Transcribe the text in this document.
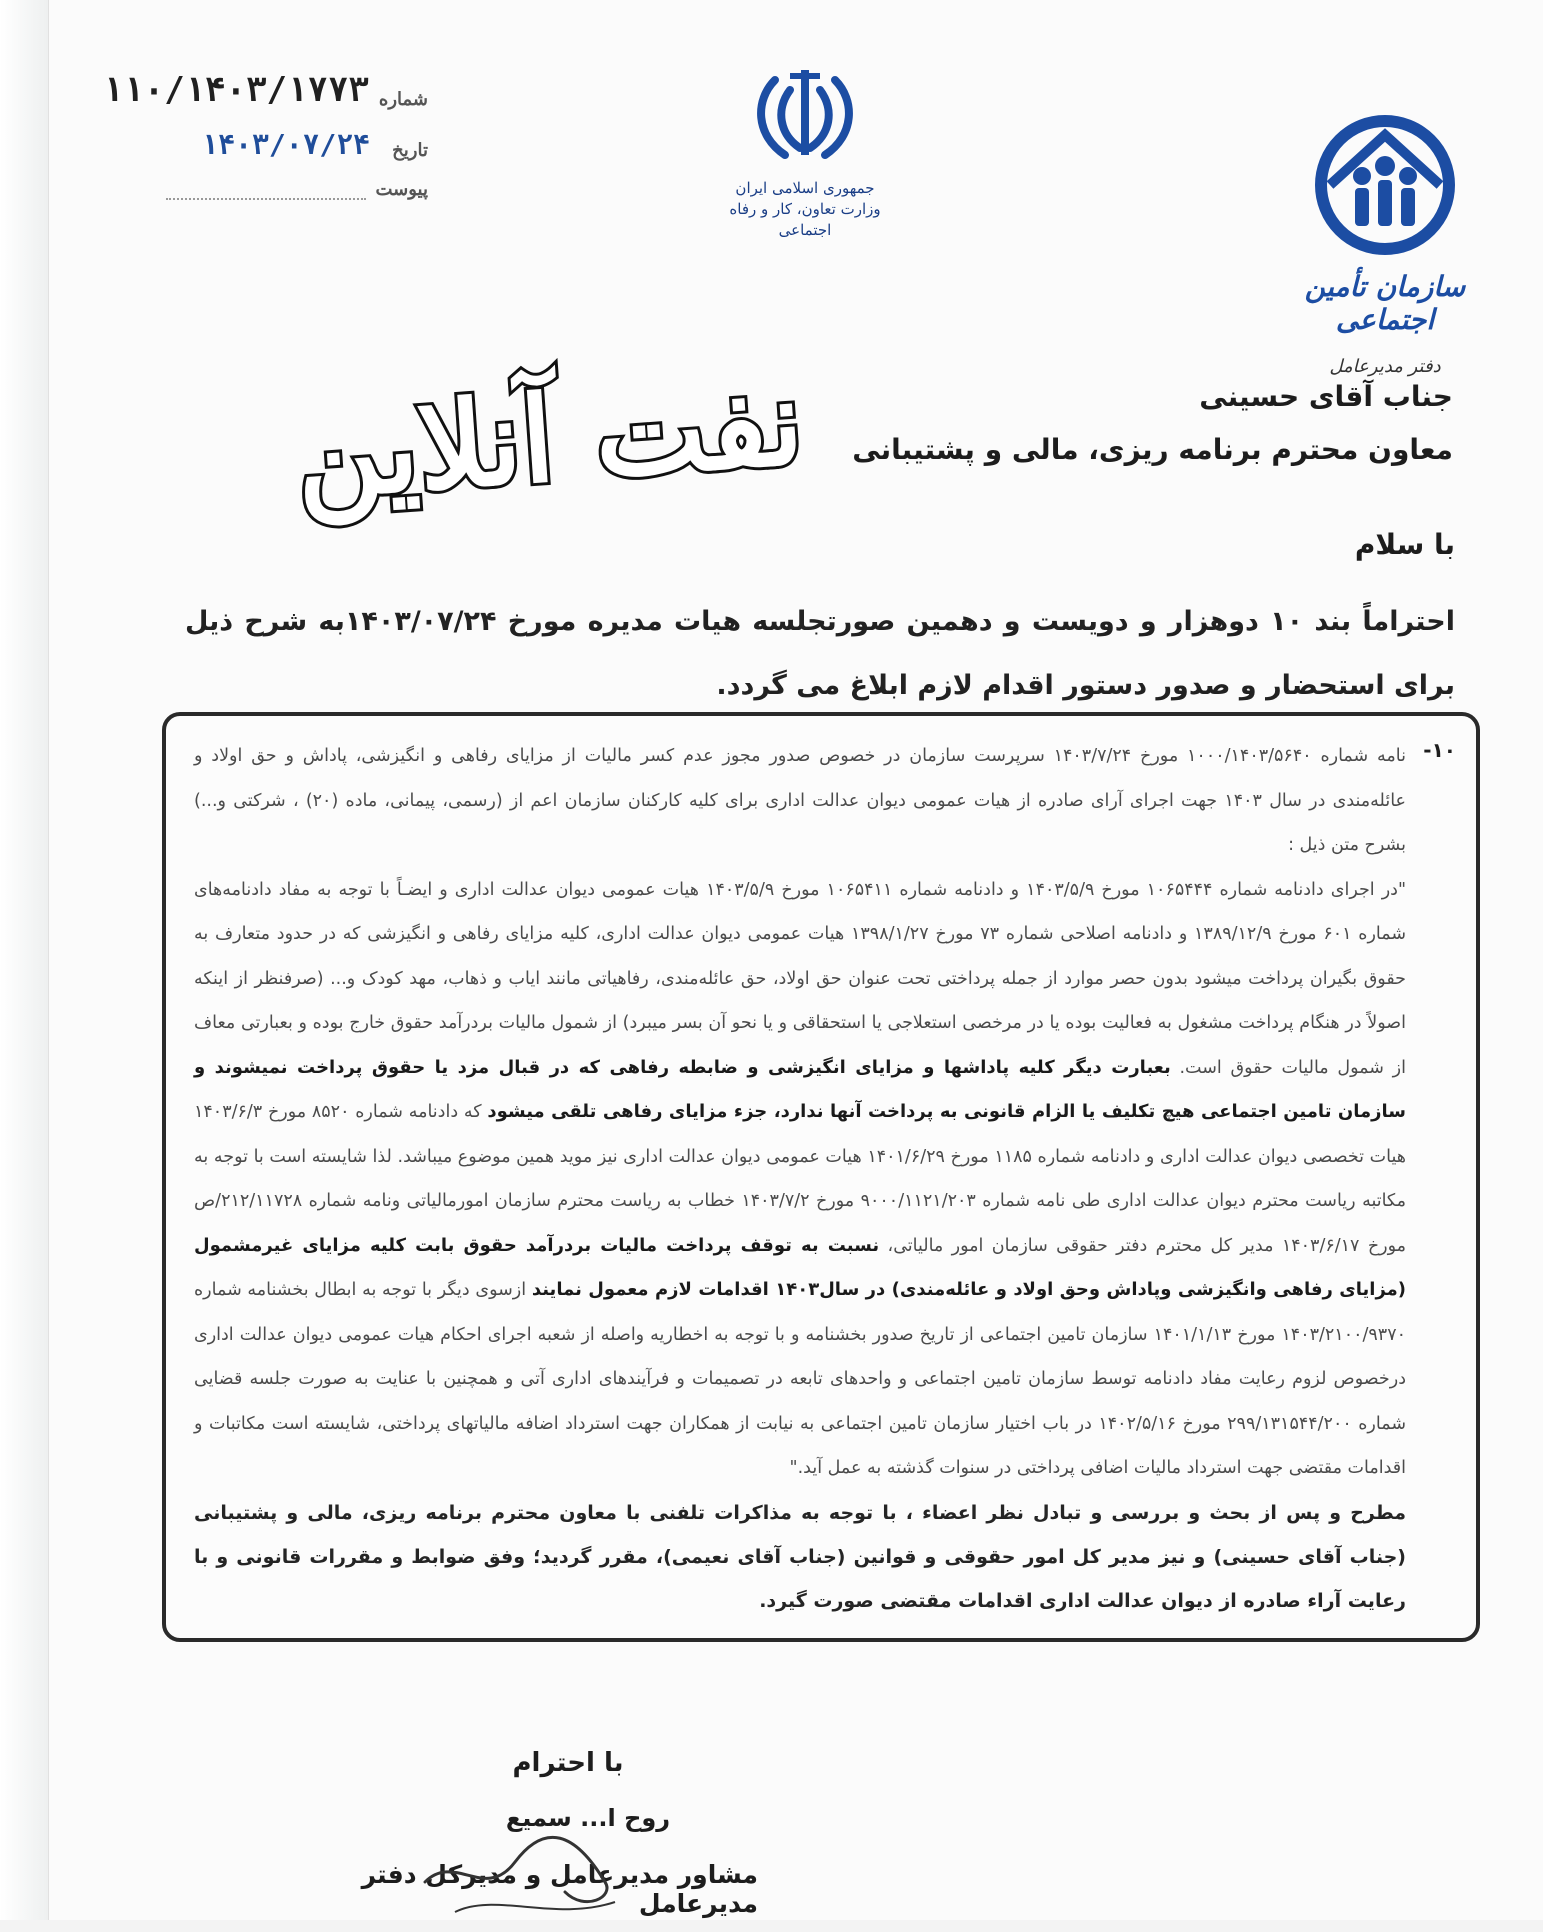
شماره
۱۱۰/۱۴۰۳/۱۷۷۳
تاریخ
۱۴۰۳/۰۷/۲۴
پیوست	جمهوری اسلامی ایران
وزارت تعاون، کار و رفاه اجتماعی
سازمان تأمین اجتماعی
دفتر مدیرعامل
نفت آنلاین	جناب آقای حسینی
معاون محترم برنامه ریزی، مالی و پشتیبانی
با سلام
احتراماً بند ۱۰ دوهزار و دویست و دهمین صورتجلسه هیات مدیره مورخ ۱۴۰۳/۰۷/۲۴به شرح ذیل برای استحضار و صدور دستور اقدام لازم ابلاغ می گردد.
۱۰-
نامه شماره ۱۰۰۰/۱۴۰۳/۵۶۴۰ مورخ ۱۴۰۳/۷/۲۴ سرپرست سازمان در خصوص صدور مجوز عدم کسر مالیات از مزایای رفاهی و انگیزشی، پاداش و حق اولاد و عائلەمندی در سال ۱۴۰۳ جهت اجرای آرای صادره از هیات عمومی دیوان عدالت اداری برای کلیه کارکنان سازمان اعم از (رسمی، پیمانی، ماده (۲۰) ، شرکتی و...) بشرح متن ذیل :
"در اجرای دادنامه شماره ۱۰۶۵۴۴۴ مورخ ۱۴۰۳/۵/۹ و دادنامه شماره ۱۰۶۵۴۱۱ مورخ ۱۴۰۳/۵/۹ هیات عمومی دیوان عدالت اداری و ایضـاً با توجه به مفاد دادنامەهای شماره ۶۰۱ مورخ ۱۳۸۹/۱۲/۹ و دادنامه اصلاحی شماره ۷۳ مورخ ۱۳۹۸/۱/۲۷ هیات عمومی دیوان عدالت اداری، کلیه مزایای رفاهی و انگیزشی که در حدود متعارف به حقوق بگیران پرداخت میشود بدون حصر موارد از جمله پرداختی تحت عنوان حق اولاد، حق عائلەمندی، رفاهیاتی مانند ایاب و ذهاب، مهد کودک و... (صرفنظر از اینکه اصولاً در هنگام پرداخت مشغول به فعالیت بوده یا در مرخصی استعلاجی یا استحقاقی و یا نحو آن بسر میبرد) از شمول مالیات بردرآمد حقوق خارج بوده و بعبارتی معاف از شمول مالیات حقوق است. بعبارت دیگر کلیه پاداشها و مزایای انگیزشی و ضابطه رفاهی که در قبال مزد یا حقوق پرداخت نمیشوند و سازمان تامین اجتماعی هیچ تکلیف یا الزام قانونی به پرداخت آنها ندارد، جزء مزایای رفاهی تلقی میشود که دادنامه شماره ۸۵۲۰ مورخ ۱۴۰۳/۶/۳ هیات تخصصی دیوان عدالت اداری و دادنامه شماره ۱۱۸۵ مورخ ۱۴۰۱/۶/۲۹ هیات عمومی دیوان عدالت اداری نیز موید همین موضوع میباشد. لذا شایسته است با توجه به مکاتبه ریاست محترم دیوان عدالت اداری طی نامه شماره ۹۰۰۰/۱۱۲۱/۲۰۳ مورخ ۱۴۰۳/۷/۲ خطاب به ریاست محترم سازمان امورمالیاتی ونامه شماره ۲۱۲/۱۱۷۲۸/ص مورخ ۱۴۰۳/۶/۱۷ مدیر کل محترم دفتر حقوقی سازمان امور مالیاتی، نسبت به توقف پرداخت مالیات بردرآمد حقوق بابت کلیه مزایای غیرمشمول (مزایای رفاهی وانگیزشی وپاداش وحق اولاد و عائلەمندی) در سال۱۴۰۳ اقدامات لازم معمول نمایند ازسوی دیگر با توجه به ابطال بخشنامه شماره ۱۴۰۳/۲۱۰۰/۹۳۷۰ مورخ ۱۴۰۱/۱/۱۳ سازمان تامین اجتماعی از تاریخ صدور بخشنامه و با توجه به اخطاریه واصله از شعبه اجرای احکام هیات عمومی دیوان عدالت اداری درخصوص لزوم رعایت مفاد دادنامه توسط سازمان تامین اجتماعی و واحدهای تابعه در تصمیمات و فرآیندهای اداری آتی و همچنین با عنایت به صورت جلسه قضایی شماره ۲۹۹/۱۳۱۵۴۴/۲۰۰ مورخ ۱۴۰۲/۵/۱۶ در باب اختیار سازمان تامین اجتماعی به نیابت از همکاران جهت استرداد اضافه مالیاتهای پرداختی، شایسته است مکاتبات و اقدامات مقتضی جهت استرداد مالیات اضافی پرداختی در سنوات گذشته به عمل آید."
مطرح و پس از بحث و بررسی و تبادل نظر اعضاء ، با توجه به مذاکرات تلفنی با معاون محترم برنامه ریزی، مالی و پشتیبانی (جناب آقای حسینی) و نیز مدیر کل امور حقوقی و قوانین (جناب آقای نعیمی)، مقرر گردید؛ وفق ضوابط و مقررات قانونی و با رعایت آراء صادره از دیوان عدالت اداری اقدامات مقتضی صورت گیرد.
با احترام
روح ا... سمیع
مشاور مدیرعامل و مدیرکل دفتر مدیرعامل
